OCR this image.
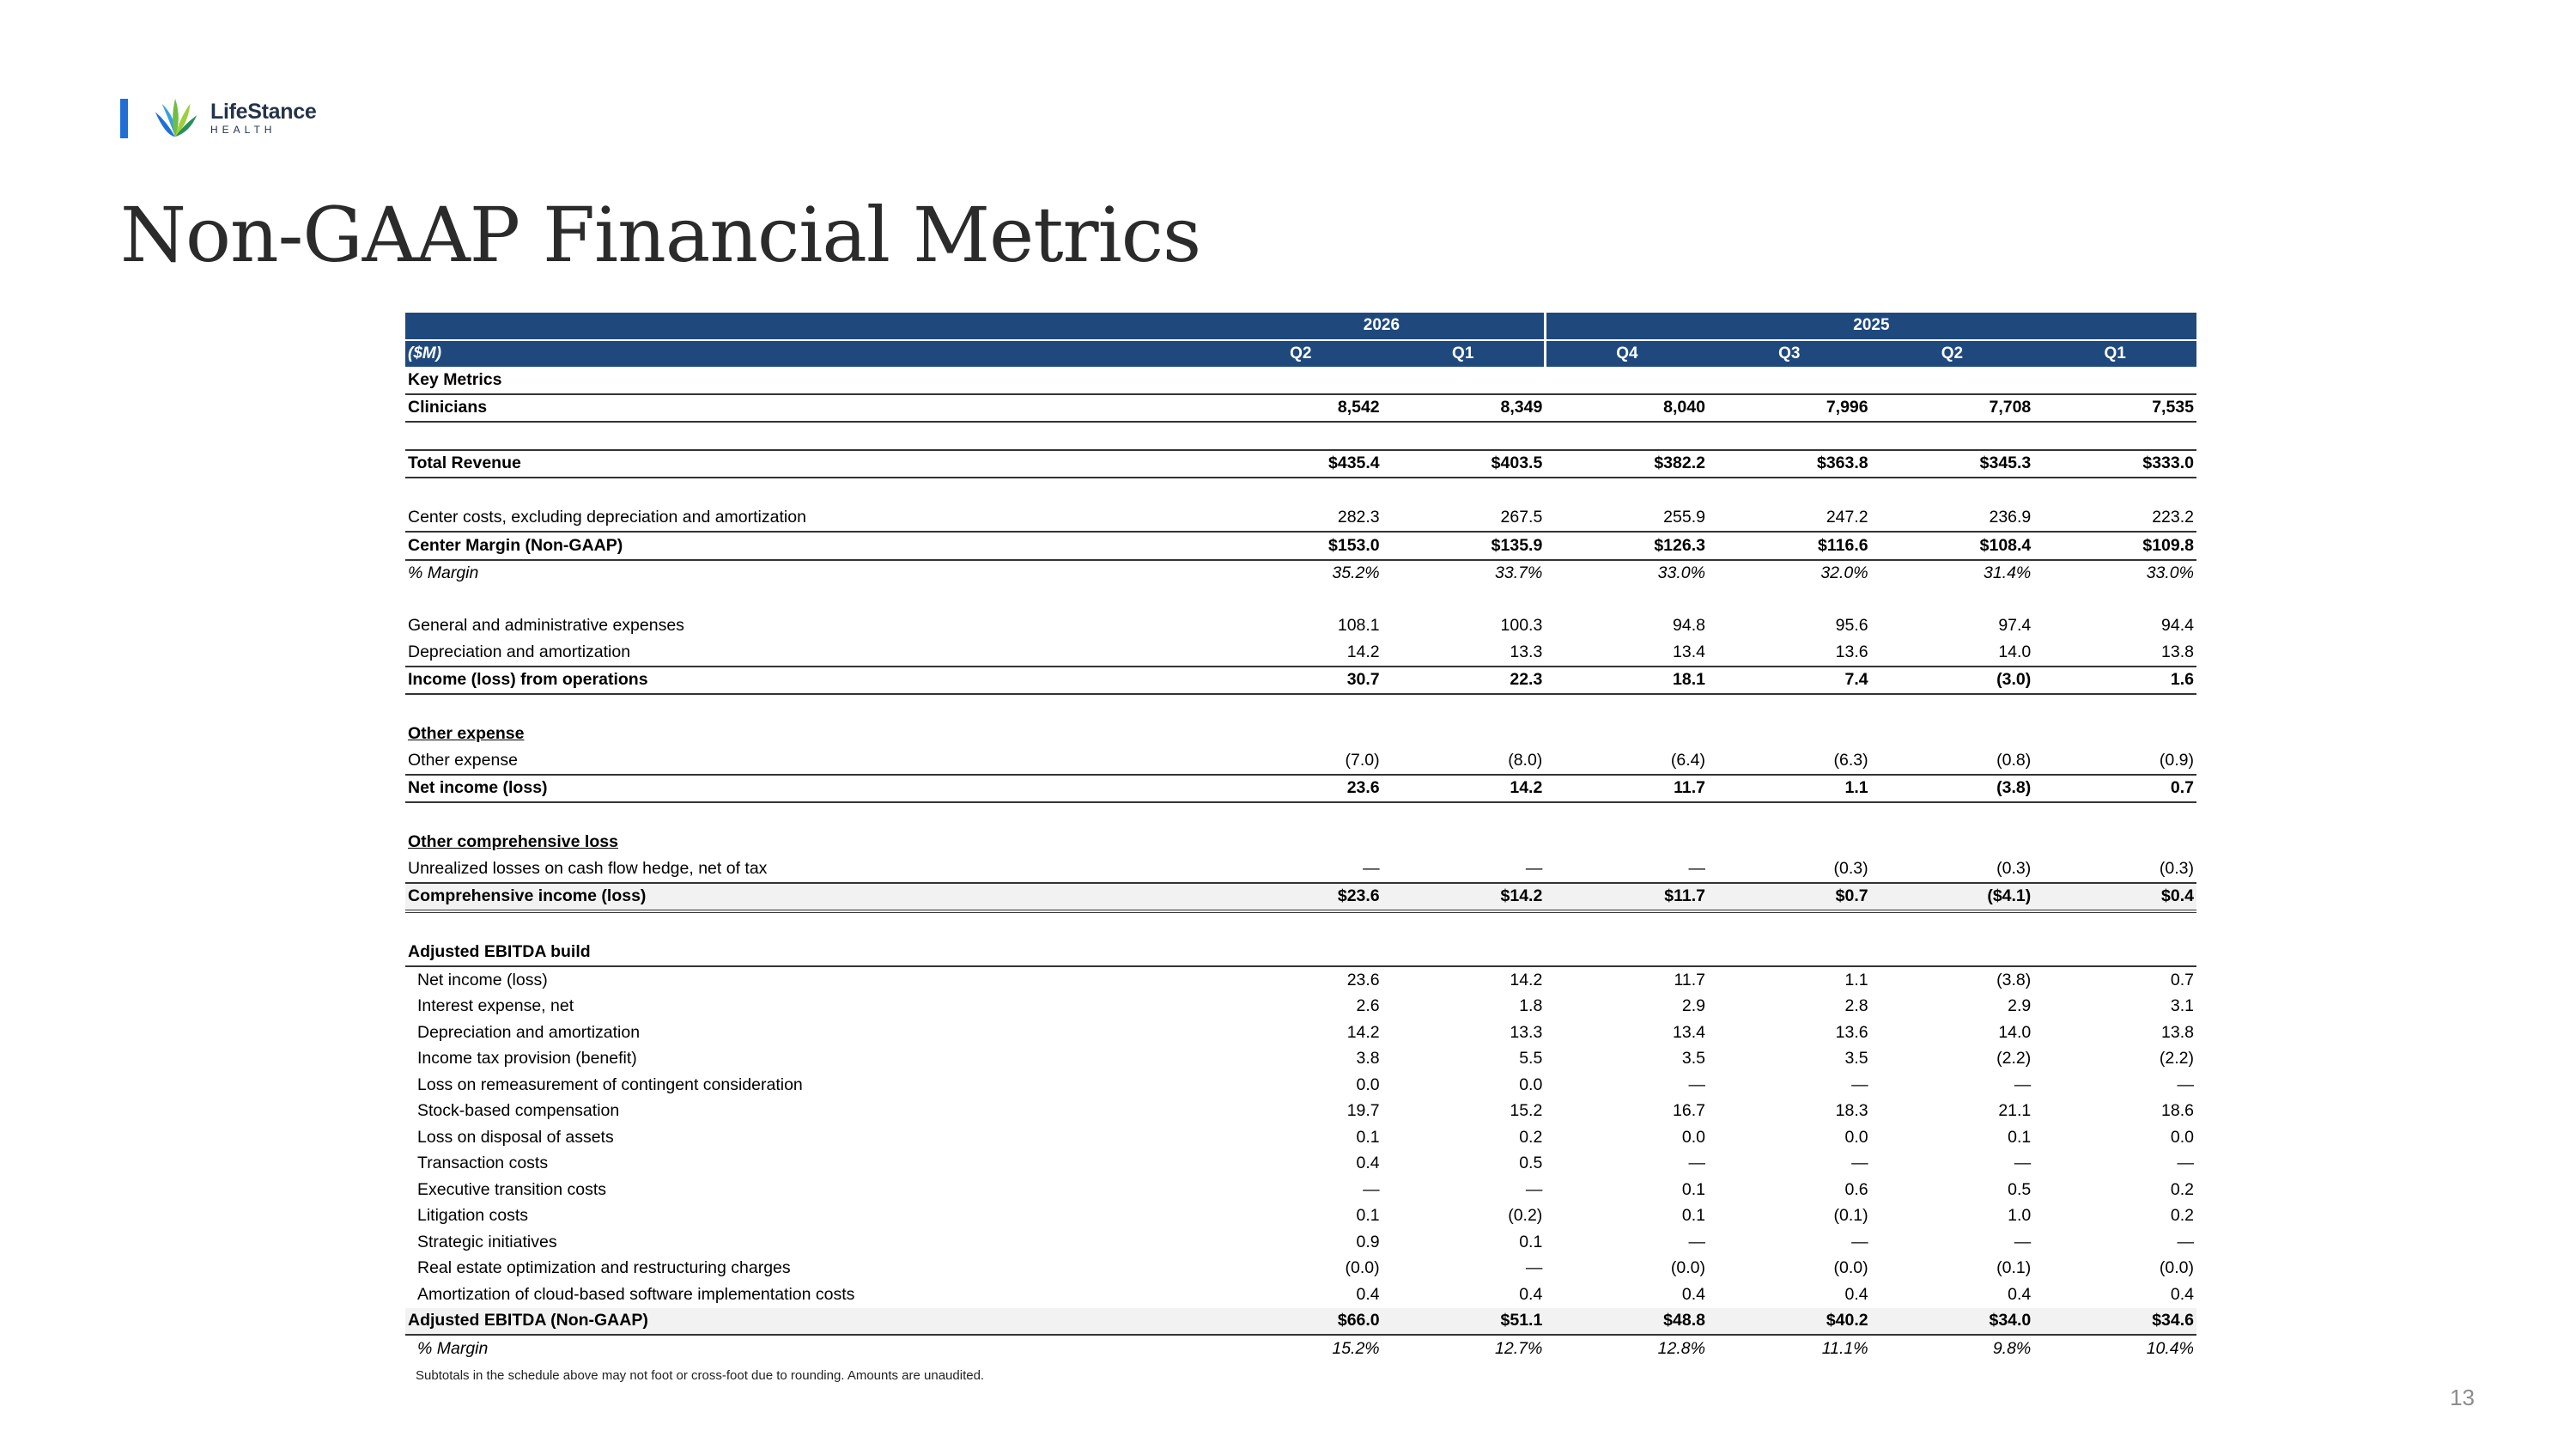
LifeStance
HEALTH
Non-GAAP Financial Metrics
	2026		2025			
($M)	Q2	Q1	Q4	Q3	Q2	Q1
Key Metrics						
Clinicians	8,542	8,349	8,040	7,996	7,708	7,535

Total Revenue	$435.4	$403.5	$382.2	$363.8	$345.3	$333.0

Center costs, excluding depreciation and amortization	282.3	267.5	255.9	247.2	236.9	223.2
Center Margin (Non-GAAP)	$153.0	$135.9	$126.3	$116.6	$108.4	$109.8
% Margin	35.2%	33.7%	33.0%	32.0%	31.4%	33.0%

General and administrative expenses	108.1	100.3	94.8	95.6	97.4	94.4
Depreciation and amortization	14.2	13.3	13.4	13.6	14.0	13.8
Income (loss) from operations	30.7	22.3	18.1	7.4	(3.0)	1.6

Other expense						
Other expense	(7.0)	(8.0)	(6.4)	(6.3)	(0.8)	(0.9)
Net income (loss)	23.6	14.2	11.7	1.1	(3.8)	0.7

Other comprehensive loss						
Unrealized losses on cash flow hedge, net of tax	—	—	—	(0.3)	(0.3)	(0.3)
Comprehensive income (loss)	$23.6	$14.2	$11.7	$0.7	($4.1)	$0.4

Adjusted EBITDA build						
Net income (loss)	23.6	14.2	11.7	1.1	(3.8)	0.7
Interest expense, net	2.6	1.8	2.9	2.8	2.9	3.1
Depreciation and amortization	14.2	13.3	13.4	13.6	14.0	13.8
Income tax provision (benefit)	3.8	5.5	3.5	3.5	(2.2)	(2.2)
Loss on remeasurement of contingent consideration	0.0	0.0	—	—	—	—
Stock-based compensation	19.7	15.2	16.7	18.3	21.1	18.6
Loss on disposal of assets	0.1	0.2	0.0	0.0	0.1	0.0
Transaction costs	0.4	0.5	—	—	—	—
Executive transition costs	—	—	0.1	0.6	0.5	0.2
Litigation costs	0.1	(0.2)	0.1	(0.1)	1.0	0.2
Strategic initiatives	0.9	0.1	—	—	—	—
Real estate optimization and restructuring charges	(0.0)	—	(0.0)	(0.0)	(0.1)	(0.0)
Amortization of cloud-based software implementation costs	0.4	0.4	0.4	0.4	0.4	0.4
Adjusted EBITDA (Non-GAAP)	$66.0	$51.1	$48.8	$40.2	$34.0	$34.6
% Margin	15.2%	12.7%	12.8%	11.1%	9.8%	10.4%

Subtotals in the schedule above may not foot or cross-foot due to rounding. Amounts are unaudited.

13
